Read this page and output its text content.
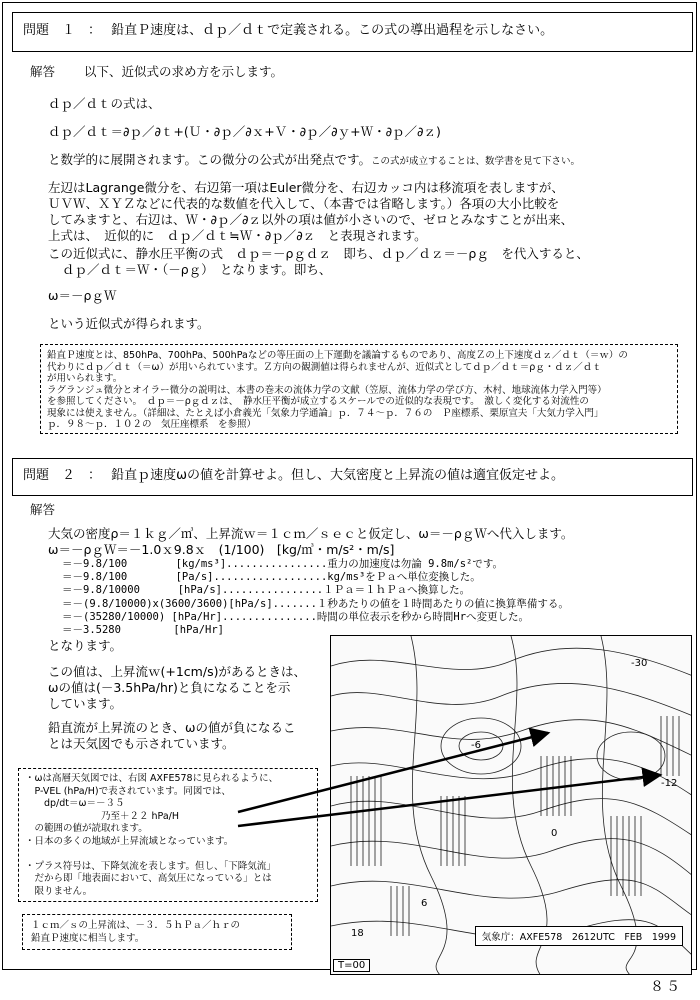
問題　１　： 鉛直Ｐ速度は、ｄｐ／ｄｔで定義される。この式の導出過程を示しなさい。
解答 以下、近似式の求め方を示します。
ｄｐ／ｄｔの式は、
ｄｐ／ｄｔ＝∂ｐ／∂ｔ+(Ｕ・∂ｐ／∂ｘ+Ｖ・∂ｐ／∂ｙ+Ｗ・∂ｐ／∂ｚ)
と数学的に展開されます。この微分の公式が出発点です。この式が成立することは、数学書を見て下さい。
左辺はLagrange微分を、右辺第一項はEuler微分を、右辺カッコ内は移流項を表しますが、
ＵＶＷ、ＸＹＺなどに代表的な数値を代入して、（本書では省略します。）各項の大小比較を
してみますと、右辺は、Ｗ・∂ｐ／∂ｚ以外の項は値が小さいので、ゼロとみなすことが出来、
上式は、　近似的に　ｄｐ／ｄｔ≒Ｗ・∂ｐ／∂ｚ　と表現されます。
この近似式に、静水圧平衡の式　ｄｐ＝－ρｇｄｚ　即ち、ｄｐ／ｄｚ＝－ρｇ　を代入すると、
ｄｐ／ｄｔ＝Ｗ・（－ρｇ）　となります。即ち、
ω＝－ρｇＷ
という近似式が得られます。
鉛直Ｐ速度とは、850hPa、700hPa、500hPaなどの等圧面の上下運動を議論するものであり、高度Ｚの上下速度ｄｚ／ｄｔ（＝ｗ）の
代わりにｄｐ／ｄｔ（＝ω）が用いられています。Ｚ方向の観測値は得られませんが、近似式としてｄｐ／ｄｔ＝ρｇ・ｄｚ／ｄｔ
が用いられます。
ラグランジュ微分とオイラー微分の説明は、本書の巻末の流体力学の文献（笠原、流体力学の学び方、木村、地球流体力学入門等）
を参照してください。　ｄｐ＝－ρｇｄｚは、　静水圧平衡が成立するスケールでの近似的な表現です。　激しく変化する対流性の
現象には使えません。（詳細は、たとえば小倉義光「気象力学通論」ｐ．７４～ｐ．７６の　Ｐ座標系、栗原宣夫「大気力学入門」
ｐ．９８～ｐ．１０２の　気圧座標系　を参照）
問題　２　： 鉛直ｐ速度ωの値を計算せよ。但し、大気密度と上昇流の値は適宜仮定せよ。
解答
大気の密度ρ＝１ｋｇ／㎥、上昇流ｗ＝１ｃｍ／ｓｅｃと仮定し、ω＝－ρｇＷへ代入します。
ω＝－ρｇＷ＝－1.0ｘ9.8ｘ　(1/100)　[kg/㎥・m/s²・m/s]
＝－9.8/100　　　　 [kg/ms³]................重力の加速度は勿論 9.8m/s²です。
＝－9.8/100　　　　 [Pa/s]..................kg/ms³をＰａへ単位変換した。
＝－9.8/10000　　　 [hPa/s]................１Ｐａ＝１ｈＰａへ換算した。
＝－(9.8/10000)x(3600/3600)[hPa/s].......１秒あたりの値を１時間あたりの値に換算準備する。
＝－(35280/10000) [hPa/Hr]...............時間の単位表示を秒から時間Hrへ変更した。
＝－3.5280　　　　　[hPa/Hr]
となります。
この値は、上昇流ｗ(+1cm/s)があるときは、
ωの値は(－3.5hPa/hr)と負になることを示
しています。
鉛直流が上昇流のとき、ωの値が負になるこ
とは天気図でも示されています。
・ωは高層天気図では、右図 AXFE578に見られるように、
　P-VEL (hPa/H)で表されています。同図では、
　　dp/dt＝ω＝－３５
　　　　　　　　乃至＋２２ hPa/H
　の範囲の値が読取れます。
・日本の多くの地域が上昇流域となっています。

・プラス符号は、下降気流を表します。但し、「下降気流」
　だから即「地表面において、高気圧になっている」とは
　限りません。
１ｃｍ／ｓの上昇流は、－３．５ｈＰａ／ｈｒの
鉛直Ｐ速度に相当します。
-30
-6
0
6
18
-12
気象庁：AXFE578　2612UTC　FEB　1999
T=00
８５
